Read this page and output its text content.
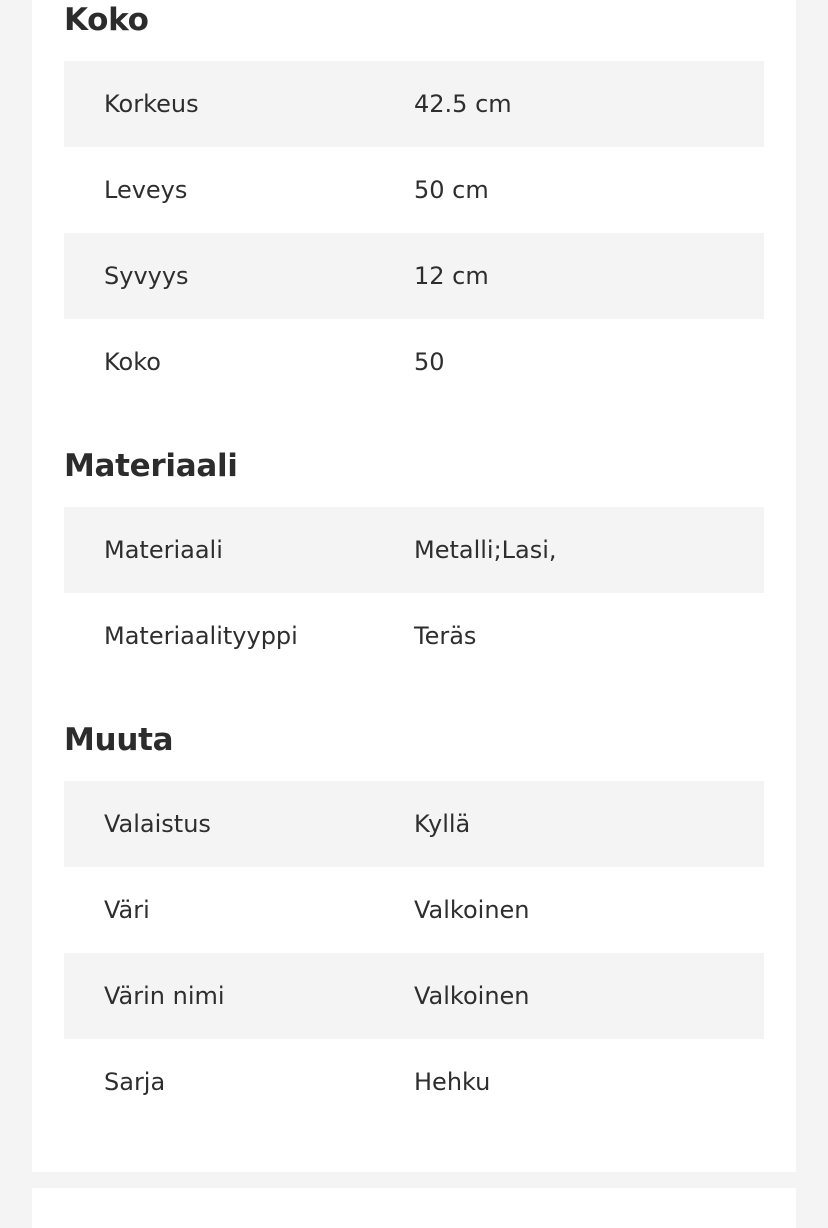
Koko
Korkeus	42.5 cm
Leveys	50 cm
Syvyys	12 cm
Koko	50
Materiaali
Materiaali	Metalli;Lasi,
Materiaalityyppi	Teräs
Muuta
Valaistus	Kyllä
Väri	Valkoinen
Värin nimi	Valkoinen
Sarja	Hehku
